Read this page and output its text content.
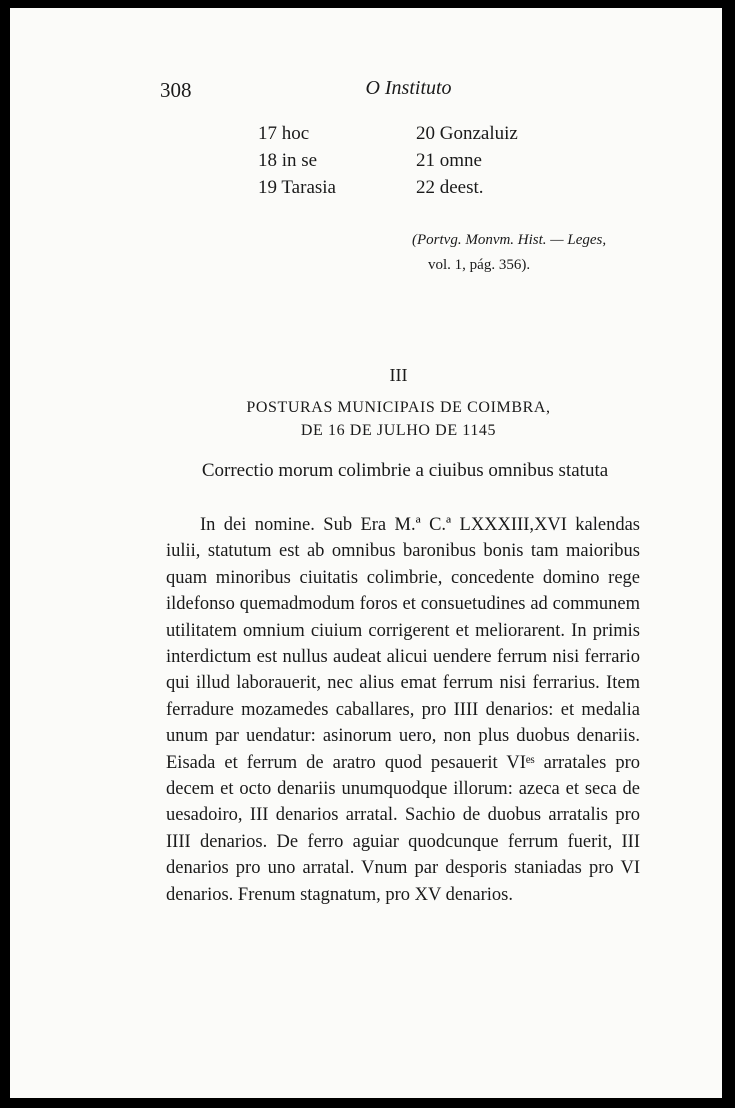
308	O Instituto
17 hoc
18 in se
19 Tarasia
20 Gonzaluiz
21 omne
22 deest.
(Portvg. Monvm. Hist. — Leges,
vol. 1, pág. 356).
III
POSTURAS MUNICIPAIS DE COIMBRA,
DE 16 DE JULHO DE 1145
Correctio morum colimbrie a ciuibus omnibus statuta

In dei nomine. Sub Era M.ª C.ª LXXXIII,XVI kalendas iulii, statutum est ab omnibus baronibus bonis tam maioribus quam minoribus ciuitatis colimbrie, concedente domino rege ildefonso quemadmodum foros et consuetudines ad communem utilitatem omnium ciuium corrigerent et meliorarent. In primis interdictum est nullus audeat alicui uendere ferrum nisi ferrario qui illud laborauerit, nec alius emat ferrum nisi ferrarius. Item ferradure mozamedes caballares, pro IIII denarios: et medalia unum par uendatur: asinorum uero, non plus duobus denariis. Eisada et ferrum de aratro quod pesauerit VIᵉˢ arratales pro decem et octo denariis unumquodque illorum: azeca et seca de uesadoiro, III denarios arratal. Sachio de duobus arratalis pro IIII denarios. De ferro aguiar quodcunque ferrum fuerit, III denarios pro uno arratal. Vnum par desporis staniadas pro VI denarios. Frenum stagnatum, pro XV denarios.
